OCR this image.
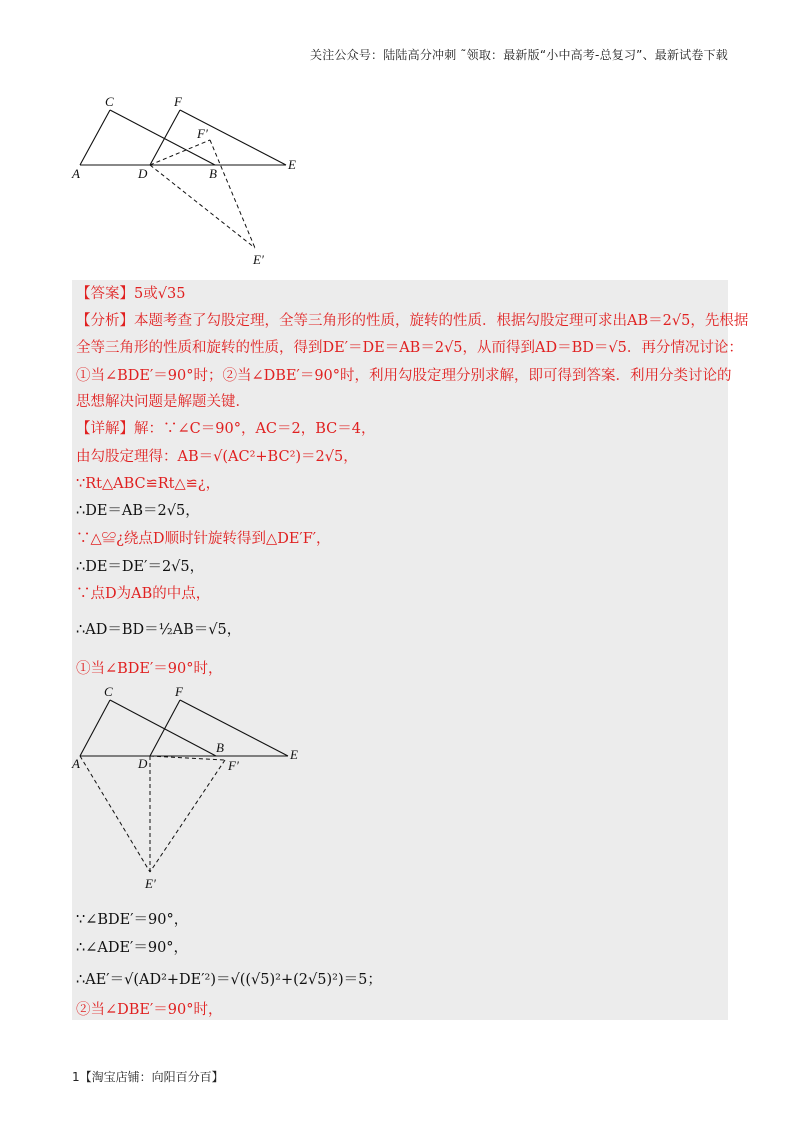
关注公众号：陆陆高分冲刺 ˜领取：最新版“小中高考-总复习”、最新试卷下载
C	F
F′
A	D	B
E
E′
【答案】5或√35
【分析】本题考查了勾股定理，全等三角形的性质，旋转的性质．根据勾股定理可求出AB＝2√5，先根据
全等三角形的性质和旋转的性质，得到DE′＝DE＝AB＝2√5，从而得到AD＝BD＝√5．再分情况讨论：
①当∠BDE′＝90°时；②当∠DBE′＝90°时，利用勾股定理分别求解，即可得到答案．利用分类讨论的
思想解决问题是解题关键．
【详解】解：∵∠C＝90°，AC＝2，BC＝4，
由勾股定理得：AB＝√(AC²+BC²)＝2√5，
∵Rt△ABC≌Rt△≌¿，
∴DE＝AB＝2√5，
∵△≌¿绕点D顺时针旋转得到△DE′F′，
∴DE＝DE′＝2√5，
∵点D为AB的中点，
∴AD＝BD＝½AB＝√5，
①当∠BDE′＝90°时，
C	F
B
A	D	F′
E
E′
∵∠BDE′＝90°，
∴∠ADE′＝90°，
∴AE′＝√(AD²+DE′²)＝√((√5)²+(2√5)²)＝5；
②当∠DBE′＝90°时，
1【淘宝店铺：向阳百分百】
